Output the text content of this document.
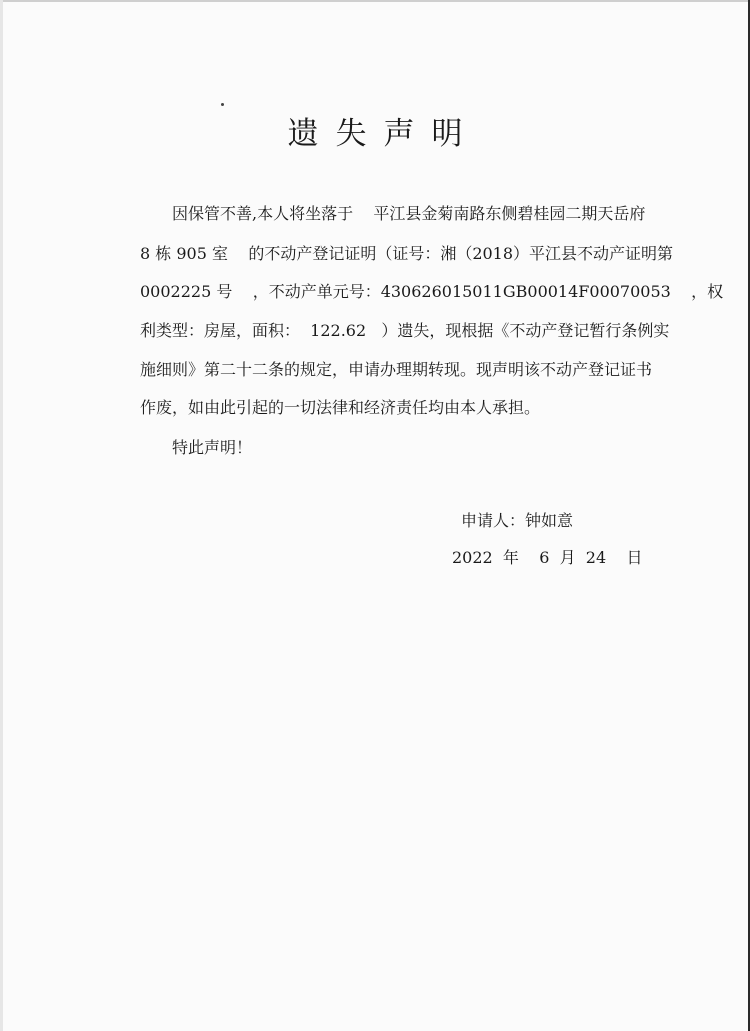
遗失声明
因保管不善,本人将坐落于    平江县金菊南路东侧碧桂园二期天岳府
8 栋 905 室    的不动产登记证明（证号：湘（2018）平江县不动产证明第
0002225 号    ，不动产单元号：430626015011GB00014F00070053    ，权
利类型：房屋，面积：  122.62   ）遗失，现根据《不动产登记暂行条例实
施细则》第二十二条的规定，申请办理期转现。现声明该不动产登记证书
作废，如由此引起的一切法律和经济责任均由本人承担。
特此声明！
申请人：钟如意
2022  年    6  月  24    日
